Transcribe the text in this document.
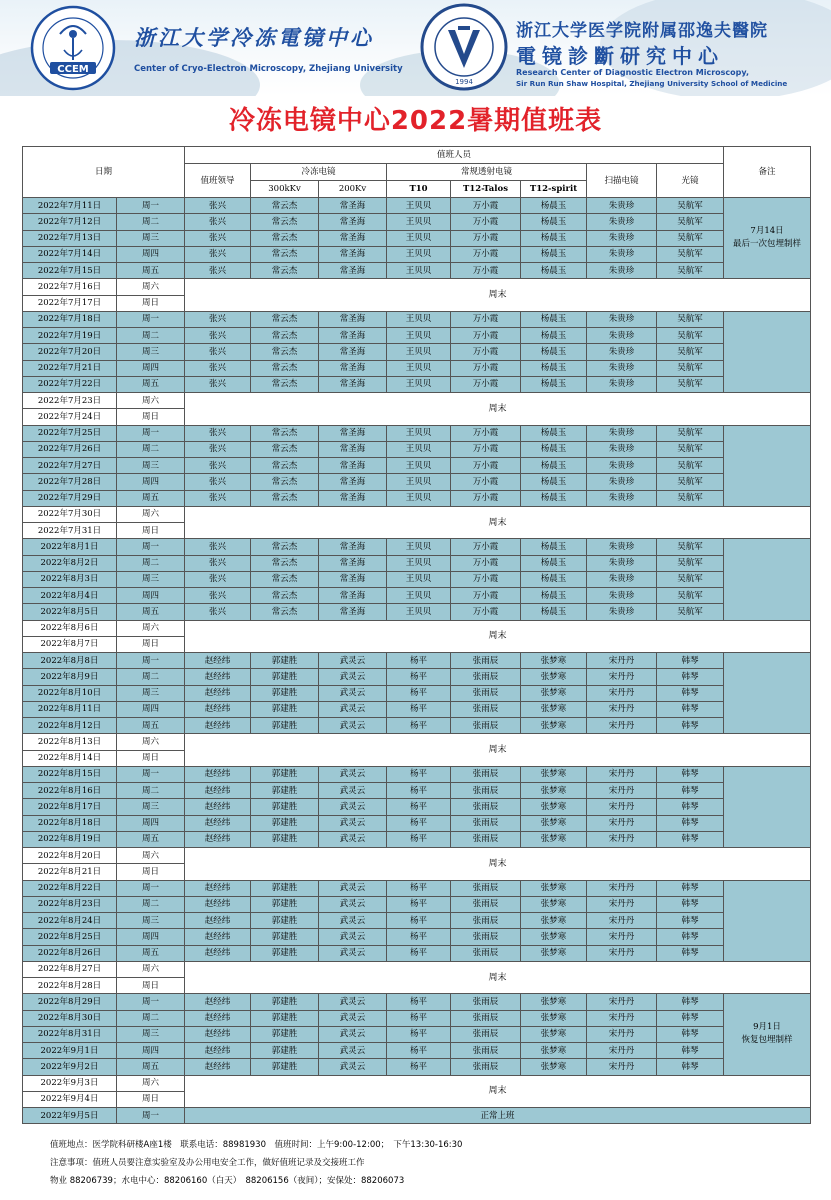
CCEM
浙江大学冷冻電镜中心
Center of Cryo-Electron Microscopy, Zhejiang University
1994
浙江大学医学院附属邵逸夫醫院
電镜診斷研究中心
Research Center of Diagnostic Electron Microscopy,
Sir Run Run Shaw Hospital, Zhejiang University School of Medicine
冷冻电镜中心2022暑期值班表
日期		值班人员								备注
		值班领导	冷冻电镜		常规透射电镜			扫描电镜	光镜	
			300kKv	200Kv	T10	T12-Talos	T12-spirit			
2022年7月11日	周一	张兴	常云杰	常圣海	王贝贝	万小霞	杨晨玉	朱贵珍	吴航军	7月14日
最后一次包埋制样

2022年7月12日	周二	张兴	常云杰	常圣海	王贝贝	万小霞	杨晨玉	朱贵珍	吴航军	
2022年7月13日	周三	张兴	常云杰	常圣海	王贝贝	万小霞	杨晨玉	朱贵珍	吴航军	
2022年7月14日	周四	张兴	常云杰	常圣海	王贝贝	万小霞	杨晨玉	朱贵珍	吴航军	
2022年7月15日	周五	张兴	常云杰	常圣海	王贝贝	万小霞	杨晨玉	朱贵珍	吴航军	
2022年7月16日	周六	周末								
2022年7月17日	周日									
2022年7月18日	周一	张兴	常云杰	常圣海	王贝贝	万小霞	杨晨玉	朱贵珍	吴航军	
2022年7月19日	周二	张兴	常云杰	常圣海	王贝贝	万小霞	杨晨玉	朱贵珍	吴航军	
2022年7月20日	周三	张兴	常云杰	常圣海	王贝贝	万小霞	杨晨玉	朱贵珍	吴航军	
2022年7月21日	周四	张兴	常云杰	常圣海	王贝贝	万小霞	杨晨玉	朱贵珍	吴航军	
2022年7月22日	周五	张兴	常云杰	常圣海	王贝贝	万小霞	杨晨玉	朱贵珍	吴航军	
2022年7月23日	周六	周末								
2022年7月24日	周日									
2022年7月25日	周一	张兴	常云杰	常圣海	王贝贝	万小霞	杨晨玉	朱贵珍	吴航军	
2022年7月26日	周二	张兴	常云杰	常圣海	王贝贝	万小霞	杨晨玉	朱贵珍	吴航军	
2022年7月27日	周三	张兴	常云杰	常圣海	王贝贝	万小霞	杨晨玉	朱贵珍	吴航军	
2022年7月28日	周四	张兴	常云杰	常圣海	王贝贝	万小霞	杨晨玉	朱贵珍	吴航军	
2022年7月29日	周五	张兴	常云杰	常圣海	王贝贝	万小霞	杨晨玉	朱贵珍	吴航军	
2022年7月30日	周六	周末								
2022年7月31日	周日									
2022年8月1日	周一	张兴	常云杰	常圣海	王贝贝	万小霞	杨晨玉	朱贵珍	吴航军	
2022年8月2日	周二	张兴	常云杰	常圣海	王贝贝	万小霞	杨晨玉	朱贵珍	吴航军	
2022年8月3日	周三	张兴	常云杰	常圣海	王贝贝	万小霞	杨晨玉	朱贵珍	吴航军	
2022年8月4日	周四	张兴	常云杰	常圣海	王贝贝	万小霞	杨晨玉	朱贵珍	吴航军	
2022年8月5日	周五	张兴	常云杰	常圣海	王贝贝	万小霞	杨晨玉	朱贵珍	吴航军	
2022年8月6日	周六	周末								
2022年8月7日	周日									
2022年8月8日	周一	赵经纬	郭建胜	武灵云	杨平	张雨辰	张梦寒	宋丹丹	韩琴	
2022年8月9日	周二	赵经纬	郭建胜	武灵云	杨平	张雨辰	张梦寒	宋丹丹	韩琴	
2022年8月10日	周三	赵经纬	郭建胜	武灵云	杨平	张雨辰	张梦寒	宋丹丹	韩琴	
2022年8月11日	周四	赵经纬	郭建胜	武灵云	杨平	张雨辰	张梦寒	宋丹丹	韩琴	
2022年8月12日	周五	赵经纬	郭建胜	武灵云	杨平	张雨辰	张梦寒	宋丹丹	韩琴	
2022年8月13日	周六	周末								
2022年8月14日	周日									
2022年8月15日	周一	赵经纬	郭建胜	武灵云	杨平	张雨辰	张梦寒	宋丹丹	韩琴	
2022年8月16日	周二	赵经纬	郭建胜	武灵云	杨平	张雨辰	张梦寒	宋丹丹	韩琴	
2022年8月17日	周三	赵经纬	郭建胜	武灵云	杨平	张雨辰	张梦寒	宋丹丹	韩琴	
2022年8月18日	周四	赵经纬	郭建胜	武灵云	杨平	张雨辰	张梦寒	宋丹丹	韩琴	
2022年8月19日	周五	赵经纬	郭建胜	武灵云	杨平	张雨辰	张梦寒	宋丹丹	韩琴	
2022年8月20日	周六	周末								
2022年8月21日	周日									
2022年8月22日	周一	赵经纬	郭建胜	武灵云	杨平	张雨辰	张梦寒	宋丹丹	韩琴	
2022年8月23日	周二	赵经纬	郭建胜	武灵云	杨平	张雨辰	张梦寒	宋丹丹	韩琴	
2022年8月24日	周三	赵经纬	郭建胜	武灵云	杨平	张雨辰	张梦寒	宋丹丹	韩琴	
2022年8月25日	周四	赵经纬	郭建胜	武灵云	杨平	张雨辰	张梦寒	宋丹丹	韩琴	
2022年8月26日	周五	赵经纬	郭建胜	武灵云	杨平	张雨辰	张梦寒	宋丹丹	韩琴	
2022年8月27日	周六	周末								
2022年8月28日	周日									
2022年8月29日	周一	赵经纬	郭建胜	武灵云	杨平	张雨辰	张梦寒	宋丹丹	韩琴	9月1日
恢复包埋制样

2022年8月30日	周二	赵经纬	郭建胜	武灵云	杨平	张雨辰	张梦寒	宋丹丹	韩琴	
2022年8月31日	周三	赵经纬	郭建胜	武灵云	杨平	张雨辰	张梦寒	宋丹丹	韩琴	
2022年9月1日	周四	赵经纬	郭建胜	武灵云	杨平	张雨辰	张梦寒	宋丹丹	韩琴	
2022年9月2日	周五	赵经纬	郭建胜	武灵云	杨平	张雨辰	张梦寒	宋丹丹	韩琴	
2022年9月3日	周六	周末								
2022年9月4日	周日									
2022年9月5日	周一	正常上班								
值班地点：医学院科研楼A座1楼　联系电话：88981930　值班时间：上午9:00-12:00；　下午13:30-16:30
注意事项：值班人员要注意实验室及办公用电安全工作，做好值班记录及交接班工作
物业 88206739；水电中心：88206160（白天）　88206156（夜间）；安保处：88206073
